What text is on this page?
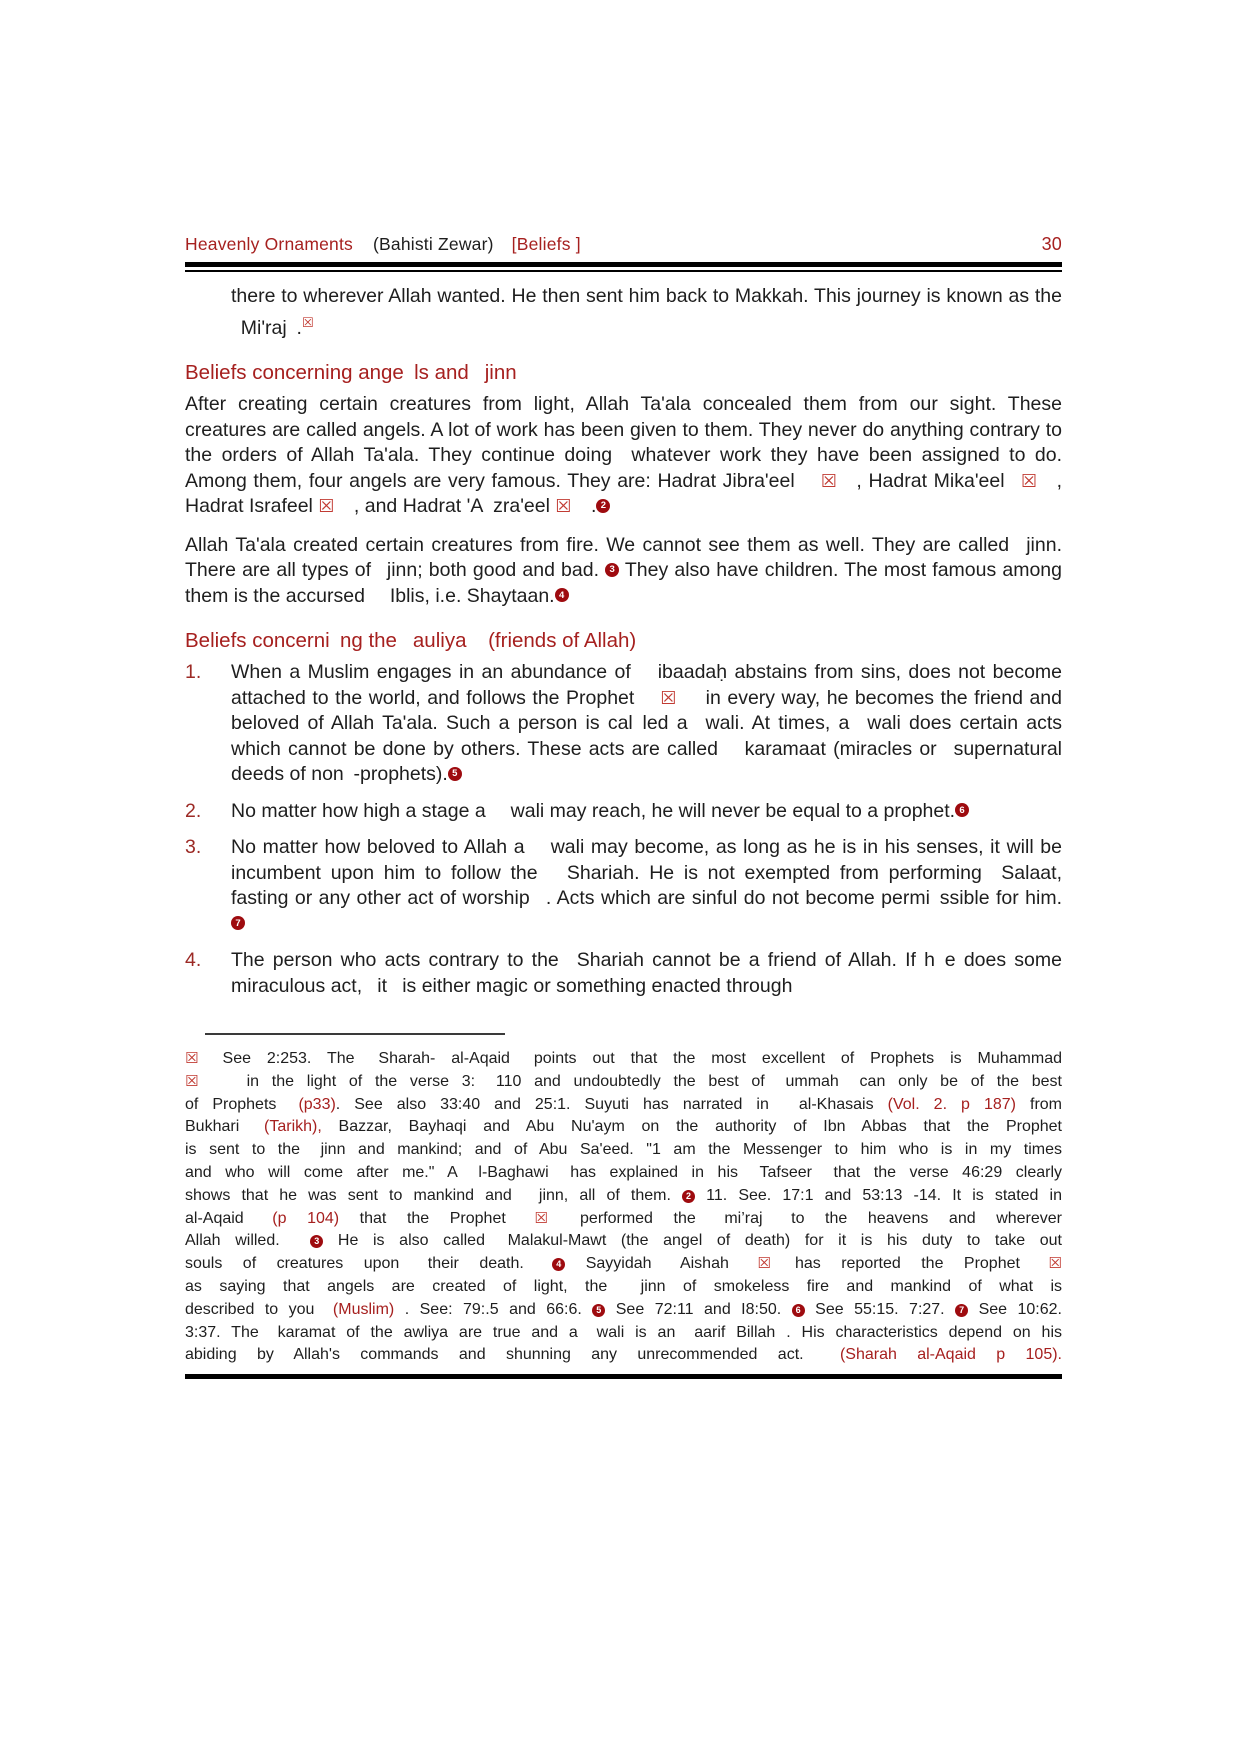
Heavenly Ornaments (Bahisti Zewar) [Beliefs ]	30
there to wherever Allah wanted. He then sent him back to Makkah. This journey is known as the  Mi'raj .☒
Beliefs concerning ange ls and  jinn
After creating certain creatures from light, Allah Ta'ala concealed them from our sight. These creatures are called angels. A lot of work has been given to them. They never do anything contrary to the orders of Allah Ta'ala. They continue doing  whatever work they have been assigned to do. Among them, four angels are very famous. They are: Hadrat Jibra'eel   ☒  , Hadrat Mika'eel  ☒  , Hadrat Israfeel ☒  , and Hadrat 'A zra'eel ☒  . 2
Allah Ta'ala created certain creatures from fire. We cannot see them as well. They are called  jinn. There are all types of  jinn; both good and bad. 3 They also have children. The most famous among them is the accursed   Iblis, i.e. Shaytaan. 4
Beliefs concerni ng the  auliya   (friends of Allah)
1.	When a Muslim engages in an abundance of   ibaadaḥ abstains from sins, does not become attached to the world, and follows the Prophet   ☒   in every way, he becomes the friend and beloved of Allah Ta'ala. Such a person is cal led a  wali. At times, a  wali does certain acts which cannot be done by others. These acts are called   karamaat (miracles or  supernatural deeds of non -prophets). 5
2.	No matter how high a stage a   wali may reach, he will never be equal to a prophet. 6
3.	No matter how beloved to Allah a   wali may become, as long as he is in his senses, it will be incumbent upon him to follow the   Shariah. He is not exempted from performing  Salaat, fasting or any other act of worship  . Acts which are sinful do not become permi ssible for him. 7
4.	The person who acts contrary to the  Shariah cannot be a friend of Allah. If h e does some miraculous act,  it  is either magic or something enacted through
☒  See 2:253. The  Sharah- al-Aqaid  points out that the most excellent of Prophets is Muhammad
☒      in the light of the verse 3:  110 and undoubtedly the best of  ummah  can only be of the best
of Prophets  (p33). See also 33:40 and 25:1. Suyuti has narrated in   al-Khasais (Vol. 2. p 187) from
Bukhari  (Tarikh), Bazzar, Bayhaqi and Abu Nu'aym on the authority of Ibn Abbas that the Prophet
is sent to the  jinn and mankind; and of Abu Sa'eed. "1 am the Messenger to him who is in my times
and who will come after me." A  l-Baghawi  has explained in his  Tafseer  that the verse 46:29 clearly
shows that he was sent to mankind and   jinn, all of them. 2 11. See. 17:1 and 53:13 -14. It is stated in
al-Aqaid  (p 104) that the Prophet  ☒    performed the  mi’raj  to the heavens and wherever
Allah willed.   3 He is also called  Malakul-Mawt (the angel of death) for it is his duty to take out
souls of creatures upon  their death.  4 Sayyidah  Aishah  ☒   has reported the Prophet  ☒
as saying that angels are created of light, the   jinn of smokeless fire and mankind of what is
described to you  (Muslim) . See: 79:.5 and 66:6. 5 See 72:11 and I8:50. 6 See 55:15. 7:27. 7 See 10:62.
3:37. The  karamat of the awliya are true and a  wali is an  aarif Billah . His characteristics depend on his
abiding by Allah's commands and shunning any unrecommended act.   (Sharah al-Aqaid p 105).
